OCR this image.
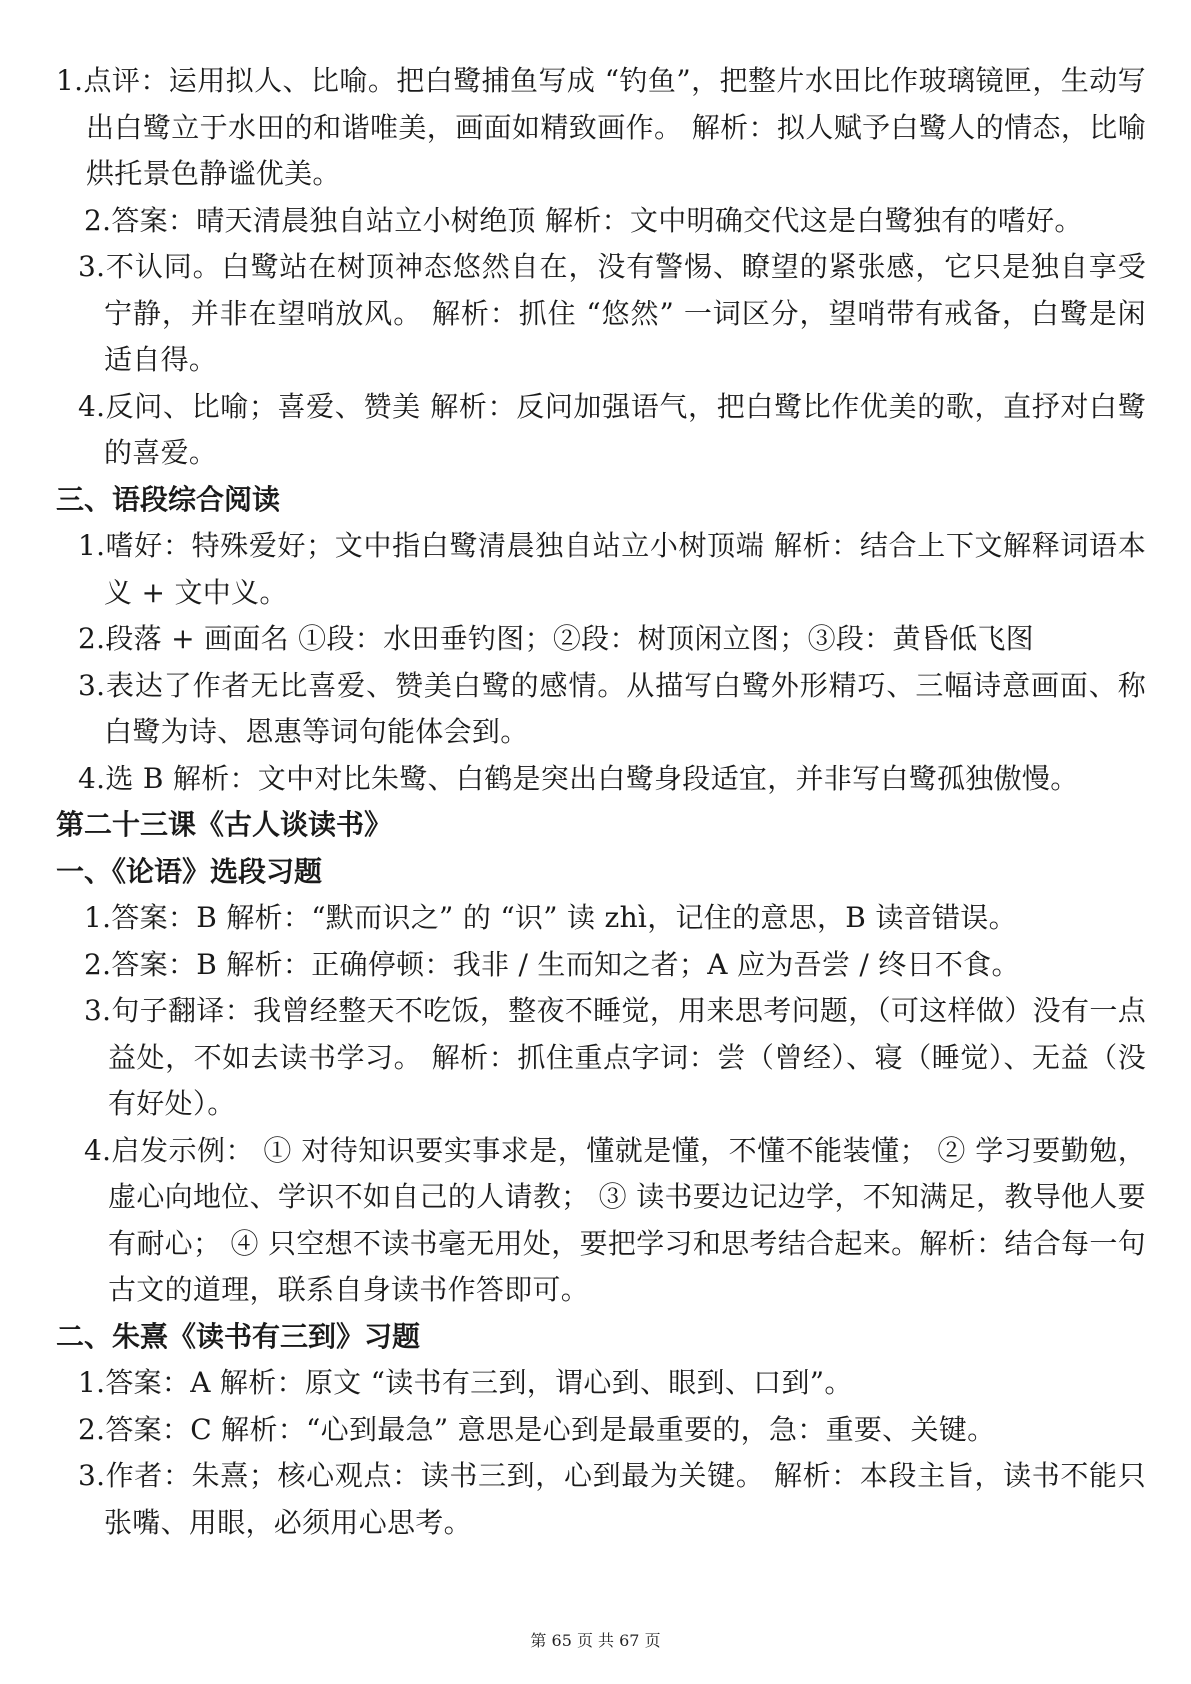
1.点评：运用拟人、比喻。把白鹭捕鱼写成 “钓鱼”，把整片水田比作玻璃镜匣，生动写出白鹭立于水田的和谐唯美，画面如精致画作。 解析：拟人赋予白鹭人的情态，比喻烘托景色静谧优美。

2.答案：晴天清晨独自站立小树绝顶 解析：文中明确交代这是白鹭独有的嗜好。

3.不认同。白鹭站在树顶神态悠然自在，没有警惕、瞭望的紧张感，它只是独自享受宁静，并非在望哨放风。 解析：抓住 “悠然” 一词区分，望哨带有戒备，白鹭是闲适自得。

4.反问、比喻；喜爱、赞美 解析：反问加强语气，把白鹭比作优美的歌，直抒对白鹭的喜爱。

三、语段综合阅读

1.嗜好：特殊爱好；文中指白鹭清晨独自站立小树顶端 解析：结合上下文解释词语本义 + 文中义。

2.段落 + 画面名 ①段：水田垂钓图；②段：树顶闲立图；③段：黄昏低飞图

3.表达了作者无比喜爱、赞美白鹭的感情。从描写白鹭外形精巧、三幅诗意画面、称白鹭为诗、恩惠等词句能体会到。

4.选 B 解析：文中对比朱鹭、白鹤是突出白鹭身段适宜，并非写白鹭孤独傲慢。

第二十三课《古人谈读书》

一、《论语》选段习题

1.答案：B 解析：“默而识之” 的 “识” 读 zhì，记住的意思，B 读音错误。

2.答案：B 解析：正确停顿：我非 / 生而知之者；A 应为吾尝 / 终日不食。

3.句子翻译：我曾经整天不吃饭，整夜不睡觉，用来思考问题，（可这样做）没有一点益处，不如去读书学习。 解析：抓住重点字词：尝（曾经）、寝（睡觉）、无益（没有好处）。

4.启发示例： ① 对待知识要实事求是，懂就是懂，不懂不能装懂； ② 学习要勤勉，虚心向地位、学识不如自己的人请教； ③ 读书要边记边学，不知满足，教导他人要有耐心； ④ 只空想不读书毫无用处，要把学习和思考结合起来。解析：结合每一句古文的道理，联系自身读书作答即可。

二、朱熹《读书有三到》习题

1.答案：A 解析：原文 “读书有三到，谓心到、眼到、口到”。

2.答案：C 解析：“心到最急” 意思是心到是最重要的，急：重要、关键。

3.作者：朱熹；核心观点：读书三到，心到最为关键。 解析：本段主旨，读书不能只张嘴、用眼，必须用心思考。

第 65 页 共 67 页
